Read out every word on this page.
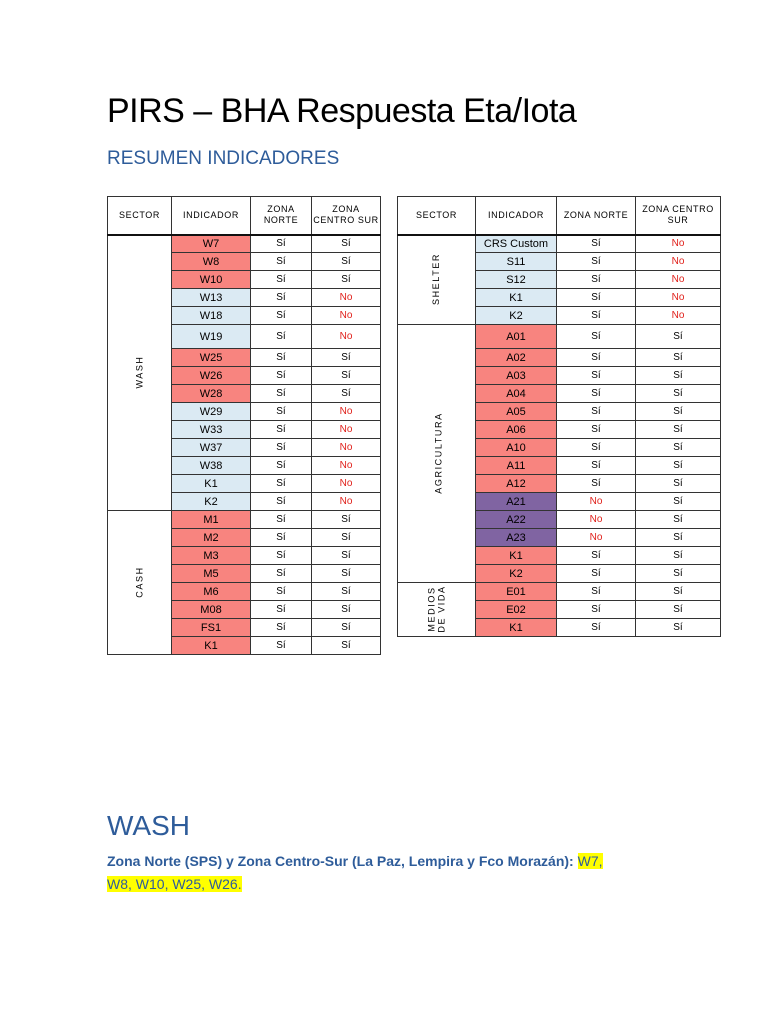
PIRS – BHA Respuesta Eta/Iota
RESUMEN INDICADORES
SECTOR	INDICADOR	ZONA NORTE	ZONA CENTRO SUR
WASH	W7	Sí	Sí
	W8	Sí	Sí
	W10	Sí	Sí
	W13	Sí	No
	W18	Sí	No
	W19	Sí	No
	W25	Sí	Sí
	W26	Sí	Sí
	W28	Sí	Sí
	W29	Sí	No
	W33	Sí	No
	W37	Sí	No
	W38	Sí	No
	K1	Sí	No
	K2	Sí	No
CASH	M1	Sí	Sí
	M2	Sí	Sí
	M3	Sí	Sí
	M5	Sí	Sí
	M6	Sí	Sí
	M08	Sí	Sí
	FS1	Sí	Sí
	K1	Sí	Sí
SECTOR	INDICADOR	ZONA NORTE	ZONA CENTRO SUR
SHELTER	CRS Custom	Sí	No
	S11	Sí	No
	S12	Sí	No
	K1	Sí	No
	K2	Sí	No
AGRICULTURA	A01	Sí	Sí
	A02	Sí	Sí
	A03	Sí	Sí
	A04	Sí	Sí
	A05	Sí	Sí
	A06	Sí	Sí
	A10	Sí	Sí
	A11	Sí	Sí
	A12	Sí	Sí
	A21	No	Sí
	A22	No	Sí
	A23	No	Sí
	K1	Sí	Sí
	K2	Sí	Sí
MEDIOS
DE VIDA	E01	Sí	Sí
	E02	Sí	Sí
	K1	Sí	Sí
WASH
Zona Norte (SPS) y Zona Centro-Sur (La Paz, Lempira y Fco Morazán): W7,
W8, W10, W25, W26.
